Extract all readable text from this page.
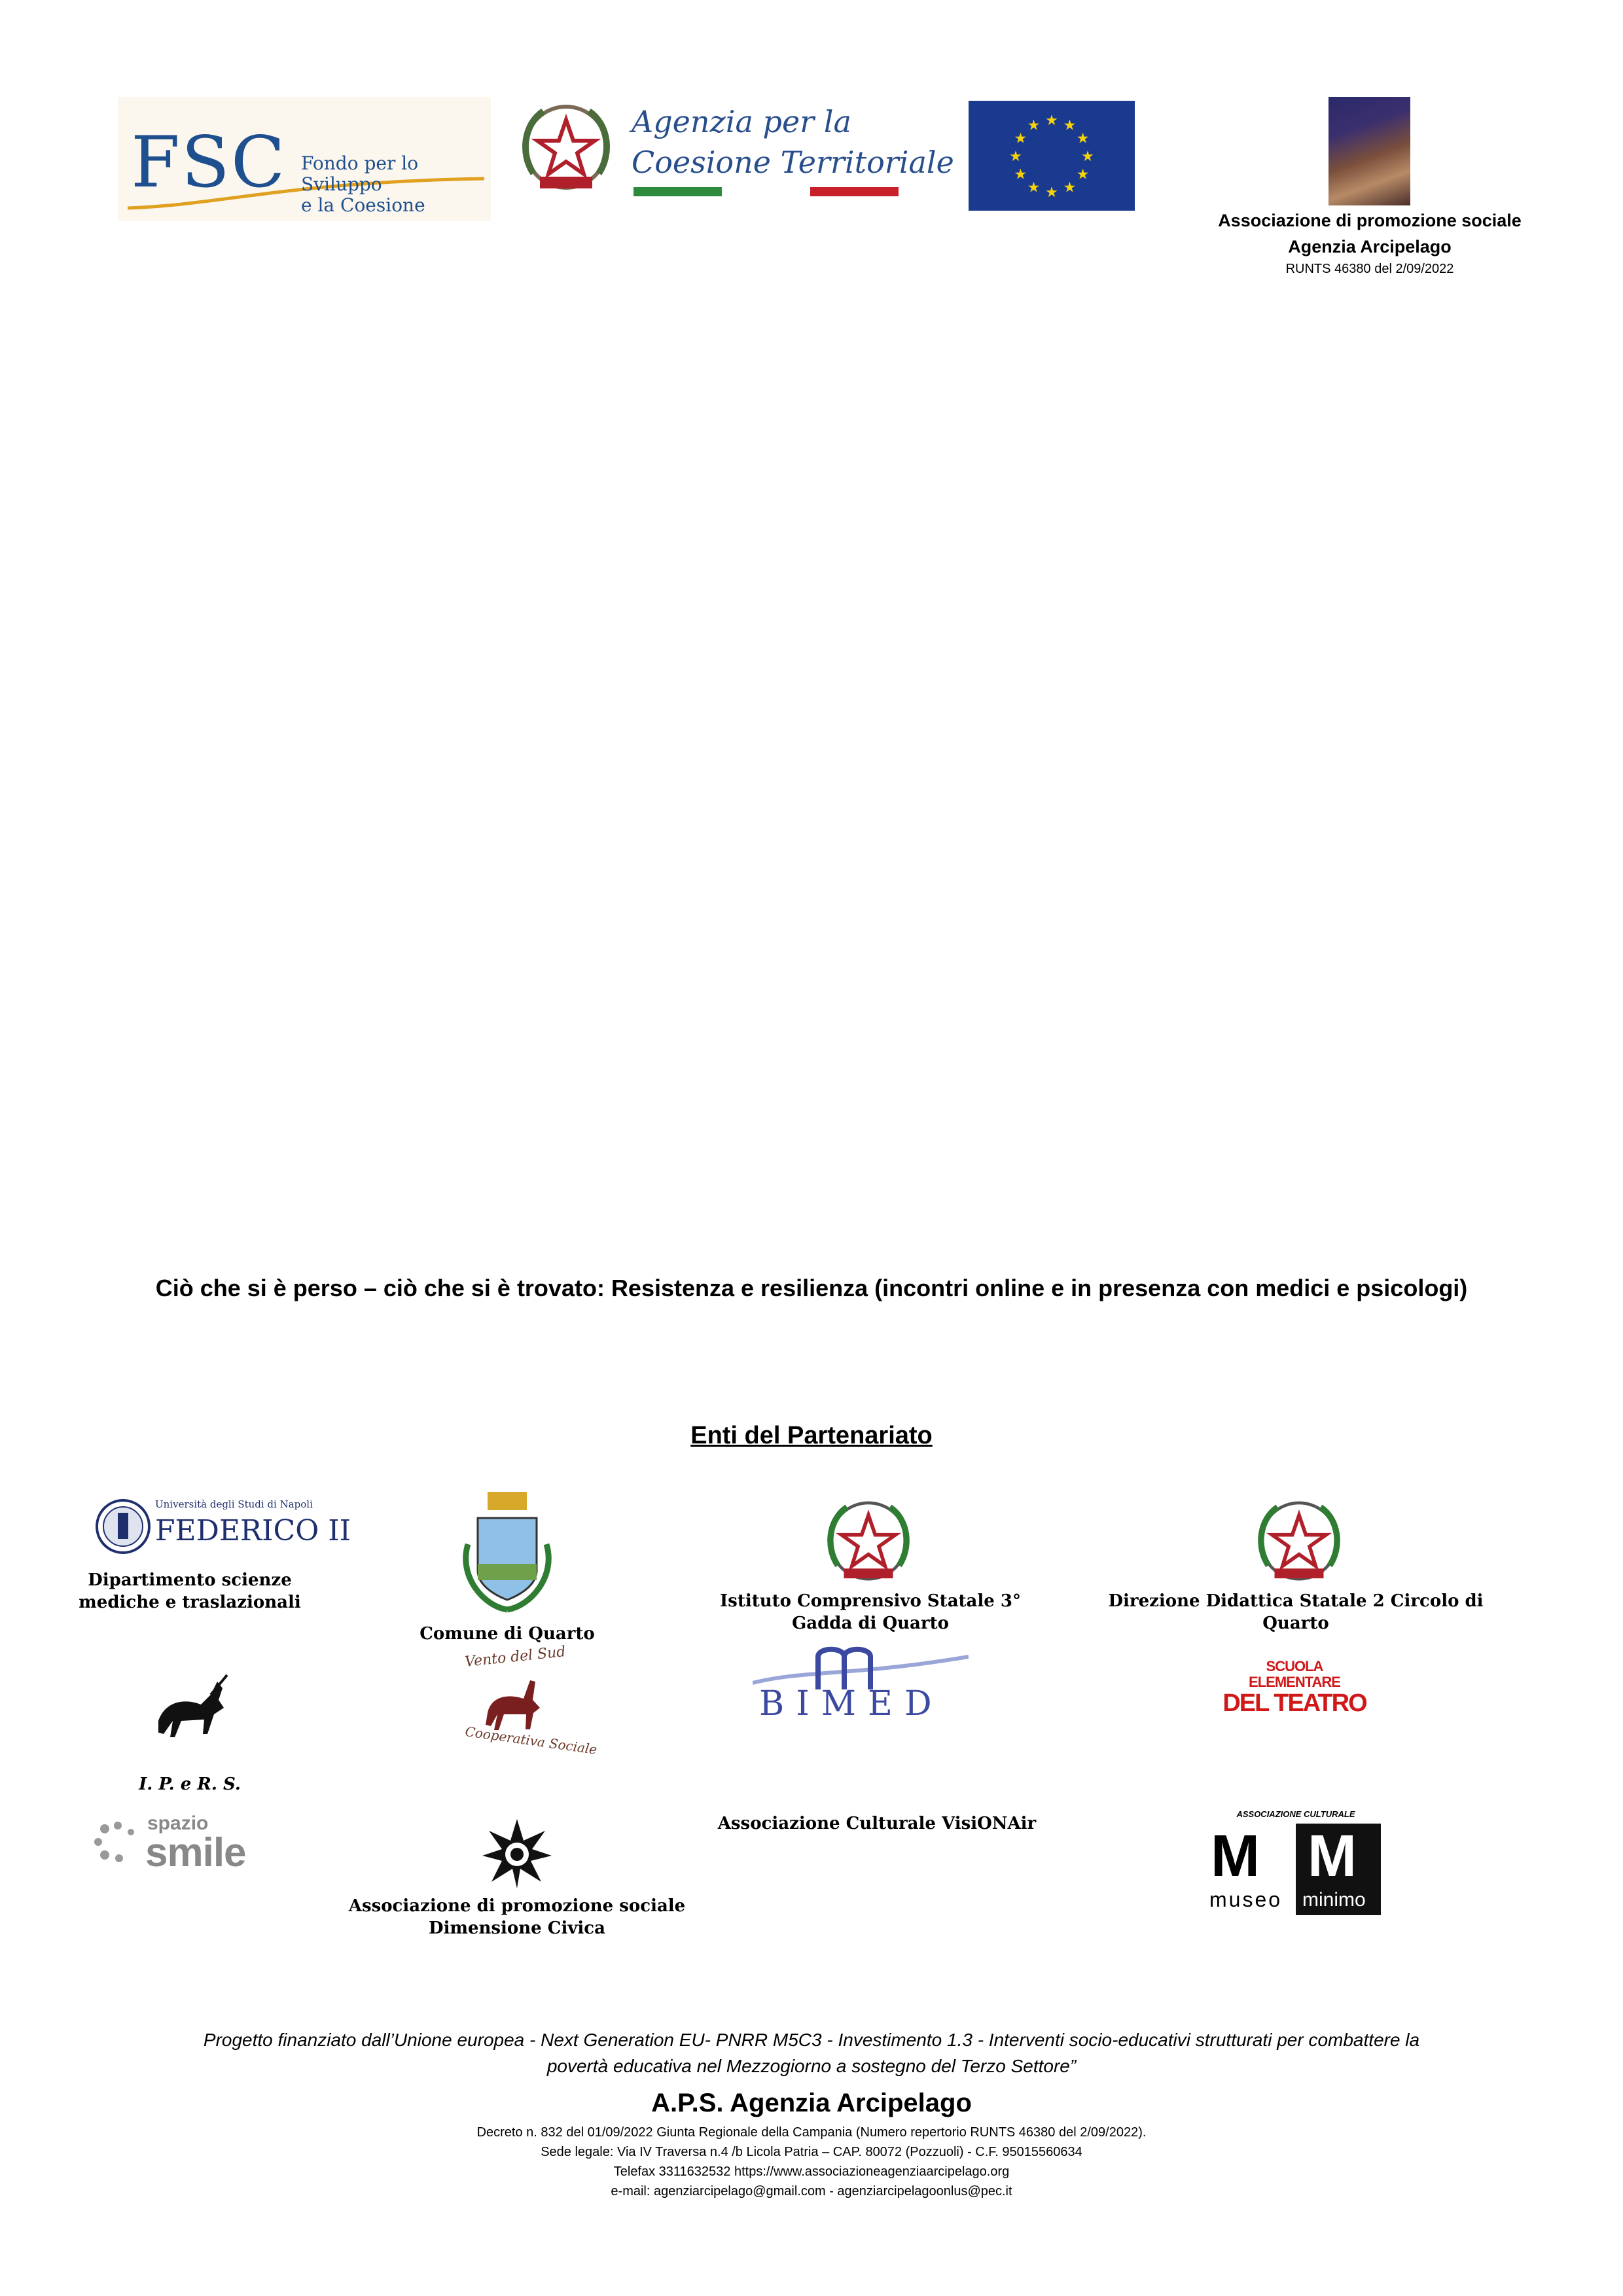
FSC Fondo per lo Sviluppo
e la Coesione
Agenzia per la
Coesione Territoriale	★
★
★
★
★
★
★
★
★ ★ ★
★
Associazione di promozione sociale
Agenzia Arcipelago
RUNTS 46380 del 2/09/2022
Ciò che si è perso – ciò che si è trovato: Resistenza e resilienza (incontri online e in presenza con medici e psicologi)
Enti del Partenariato
Università degli Studi di Napoli
FEDERICO II
Dipartimento scienze
mediche e traslazionali
Comune di Quarto
Istituto Comprensivo Statale 3°
Gadda di Quarto
Direzione Didattica Statale 2 Circolo di Quarto
I. P. e R. S.
Vento del Sud
Cooperativa Sociale
BIMED
SCUOLA ELEMENTARE
DEL TEATRO
spazio
smile
Associazione di promozione sociale
Dimensione Civica
Associazione Culturale VisiONAir	ASSOCIAZIONE CULTURALE
M
museo
M
minimo
Progetto finanziato dall’Unione europea - Next Generation EU- PNRR M5C3 - Investimento 1.3 - Interventi socio-educativi strutturati per combattere la
povertà educativa nel Mezzogiorno a sostegno del Terzo Settore”
A.P.S. Agenzia Arcipelago
Decreto n. 832 del 01/09/2022 Giunta Regionale della Campania (Numero repertorio RUNTS 46380 del 2/09/2022).
Sede legale: Via IV Traversa n.4 /b Licola Patria – CAP. 80072 (Pozzuoli) - C.F. 95015560634
Telefax 3311632532 https://www.associazioneagenziaarcipelago.org
e-mail: agenziarcipelago@gmail.com - agenziarcipelagoonlus@pec.it
